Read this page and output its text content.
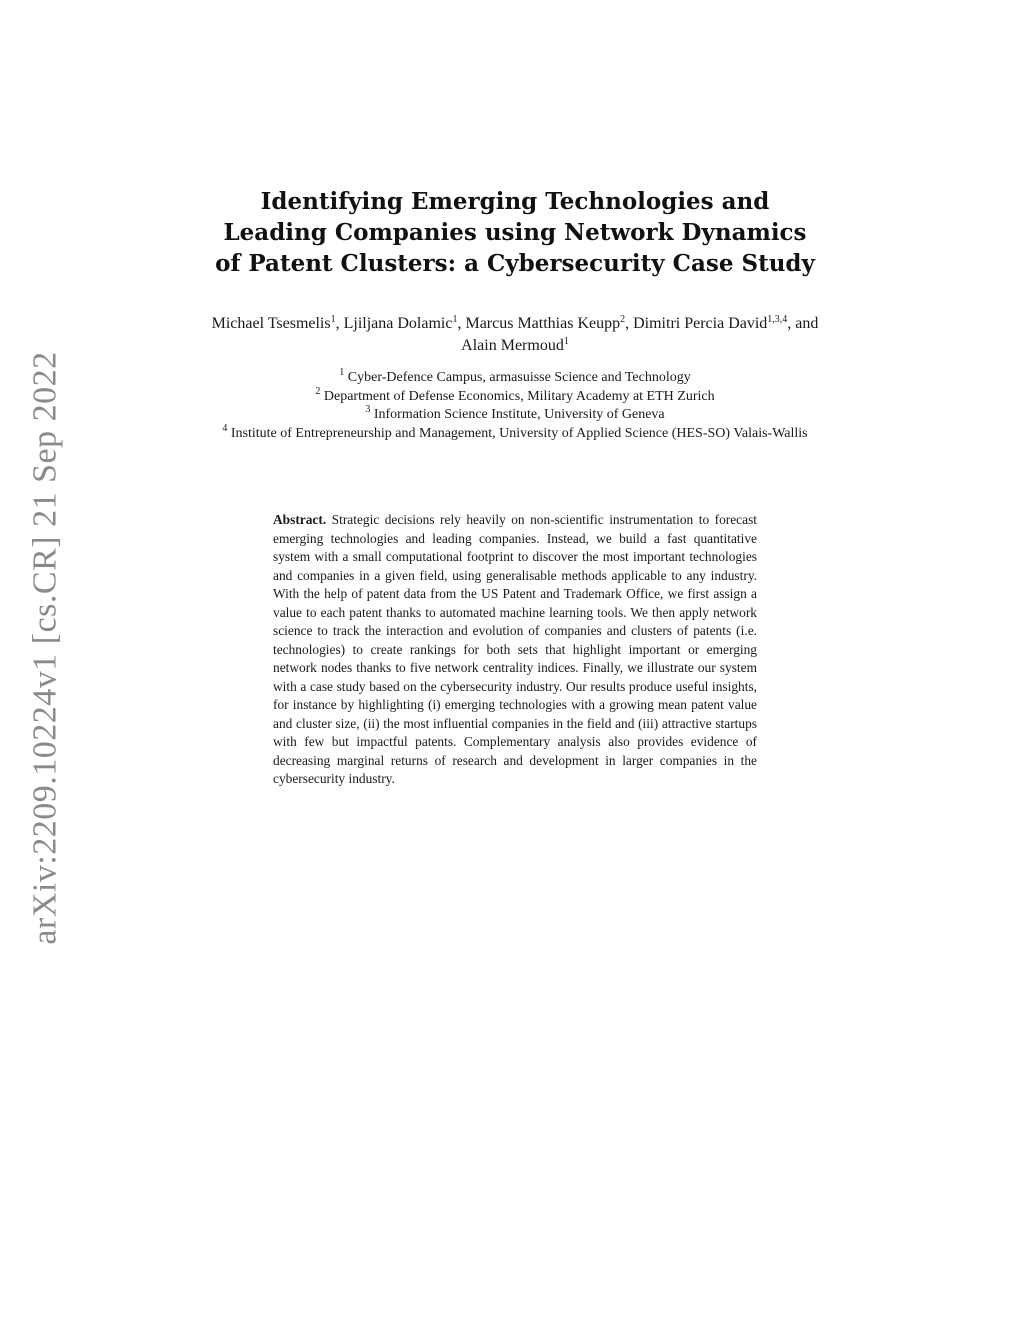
arXiv:2209.10224v1 [cs.CR] 21 Sep 2022
Identifying Emerging Technologies and Leading Companies using Network Dynamics of Patent Clusters: a Cybersecurity Case Study
Michael Tsesmelis$^1$, Ljiljana Dolamic$^1$, Marcus Matthias Keupp$^2$, Dimitri Percia David$^{1,3,4}$, and Alain Mermoud$^1$
$^1$ Cyber-Defence Campus, armasuisse Science and Technology
$^2$ Department of Defense Economics, Military Academy at ETH Zurich
$^3$ Information Science Institute, University of Geneva
$^4$ Institute of Entrepreneurship and Management, University of Applied Science (HES-SO) Valais-Wallis
Abstract. Strategic decisions rely heavily on non-scientific instrumentation to forecast emerging technologies and leading companies. Instead, we build a fast quantitative system with a small computational footprint to discover the most important technologies and companies in a given field, using generalisable methods applicable to any industry. With the help of patent data from the US Patent and Trademark Office, we first assign a value to each patent thanks to automated machine learning tools. We then apply network science to track the interaction and evolution of companies and clusters of patents (i.e. technologies) to create rankings for both sets that highlight important or emerging network nodes thanks to five network centrality indices. Finally, we illustrate our system with a case study based on the cybersecurity industry. Our results produce useful insights, for instance by highlighting (i) emerging technologies with a growing mean patent value and cluster size, (ii) the most influential companies in the field and (iii) attractive startups with few but impactful patents. Complementary analysis also provides evidence of decreasing marginal returns of research and development in larger companies in the cybersecurity industry.
